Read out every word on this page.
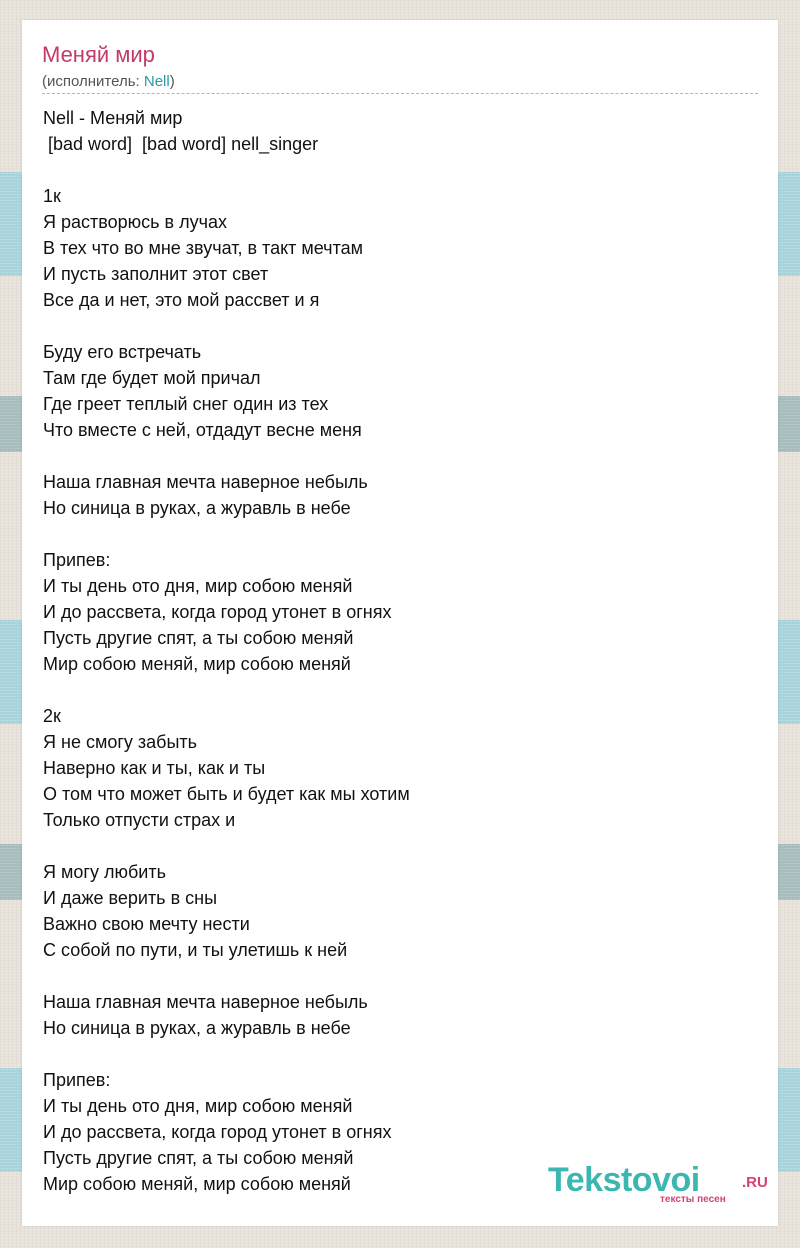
Меняй мир
(исполнитель: Nell)
Nell - Меняй мир
[bad word]  [bad word] nell_singer
1к
Я растворюсь в лучах
В тех что во мне звучат, в такт мечтам
И пусть заполнит этот свет
Все да и нет, это мой рассвет и я
Буду его встречать
Там где будет мой причал
Где греет теплый снег один из тех
Что вместе с ней, отдадут весне меня
Наша главная мечта наверное небыль
Но синица в руках, а журавль в небе
Припев:
И ты день ото дня, мир собою меняй
И до рассвета, когда город утонет в огнях
Пусть другие спят, а ты собою меняй
Мир собою меняй, мир собою меняй
2к
Я не смогу забыть
Наверно как и ты, как и ты
О том что может быть и будет как мы хотим
Только отпусти страх и
Я могу любить
И даже верить в сны
Важно свою мечту нести
С собой по пути, и ты улетишь к ней
Наша главная мечта наверное небыль
Но синица в руках, а журавль в небе
Припев:
И ты день ото дня, мир собою меняй
И до рассвета, когда город утонет в огнях
Пусть другие спят, а ты собою меняй
Мир собою меняй, мир собою меняй	Tekstovoi	.RU
тексты песен
